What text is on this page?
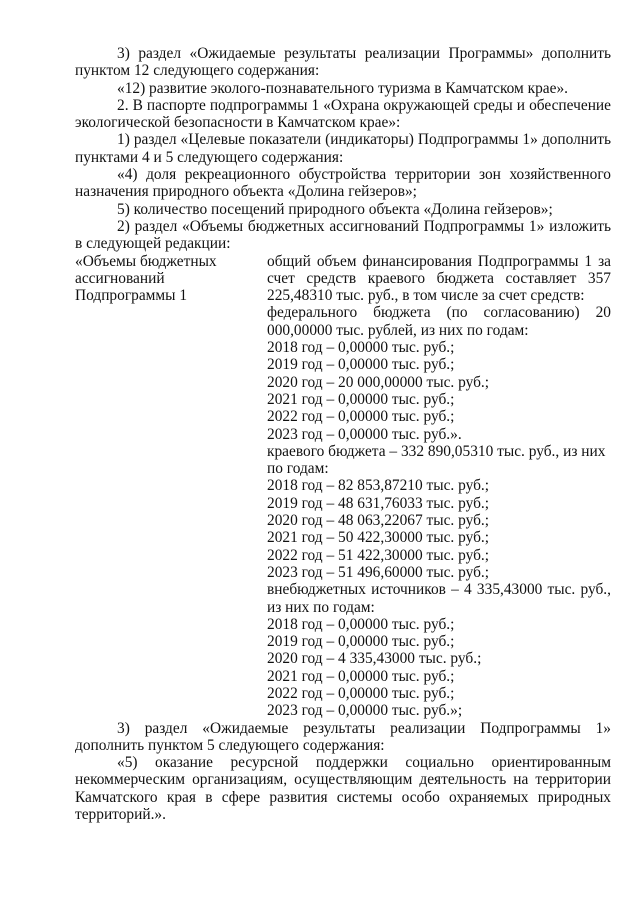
3) раздел «Ожидаемые результаты реализации Программы» дополнить пунктом 12 следующего содержания:

«12) развитие эколого-познавательного туризма в Камчатском крае».

2. В паспорте подпрограммы 1 «Охрана окружающей среды и обеспечение экологической безопасности в Камчатском крае»:

1) раздел «Целевые показатели (индикаторы) Подпрограммы 1» дополнить пунктами 4 и 5 следующего содержания:

«4) доля рекреационного обустройства территории зон хозяйственного назначения природного объекта «Долина гейзеров»;

5) количество посещений природного объекта «Долина гейзеров»;

2) раздел «Объемы бюджетных ассигнований Подпрограммы 1» изложить в следующей редакции:

«Объемы бюджетных ассигнований Подпрограммы 1

общий объем финансирования Подпрограммы 1 за счет средств краевого бюджета составляет 357 225,48310 тыс. руб., в том числе за счет средств:

федерального бюджета (по согласованию) 20 000,00000 тыс. рублей, из них по годам:

2018 год – 0,00000 тыс. руб.;
2019 год – 0,00000 тыс. руб.;
2020 год – 20 000,00000 тыс. руб.;
2021 год – 0,00000 тыс. руб.;
2022 год – 0,00000 тыс. руб.;
2023 год – 0,00000 тыс. руб.».

краевого бюджета – 332 890,05310 тыс. руб., из них по годам:

2018 год – 82 853,87210 тыс. руб.;
2019 год – 48 631,76033 тыс. руб.;
2020 год – 48 063,22067 тыс. руб.;
2021 год – 50 422,30000 тыс. руб.;
2022 год – 51 422,30000 тыс. руб.;
2023 год – 51 496,60000 тыс. руб.;

внебюджетных источников – 4 335,43000 тыс. руб., из них по годам:

2018 год – 0,00000 тыс. руб.;
2019 год – 0,00000 тыс. руб.;
2020 год – 4 335,43000 тыс. руб.;
2021 год – 0,00000 тыс. руб.;
2022 год – 0,00000 тыс. руб.;
2023 год – 0,00000 тыс. руб.»;

3) раздел «Ожидаемые результаты реализации Подпрограммы 1» дополнить пунктом 5 следующего содержания:

«5) оказание ресурсной поддержки социально ориентированным некоммерческим организациям, осуществляющим деятельность на территории Камчатского края в сфере развития системы особо охраняемых природных территорий.».
